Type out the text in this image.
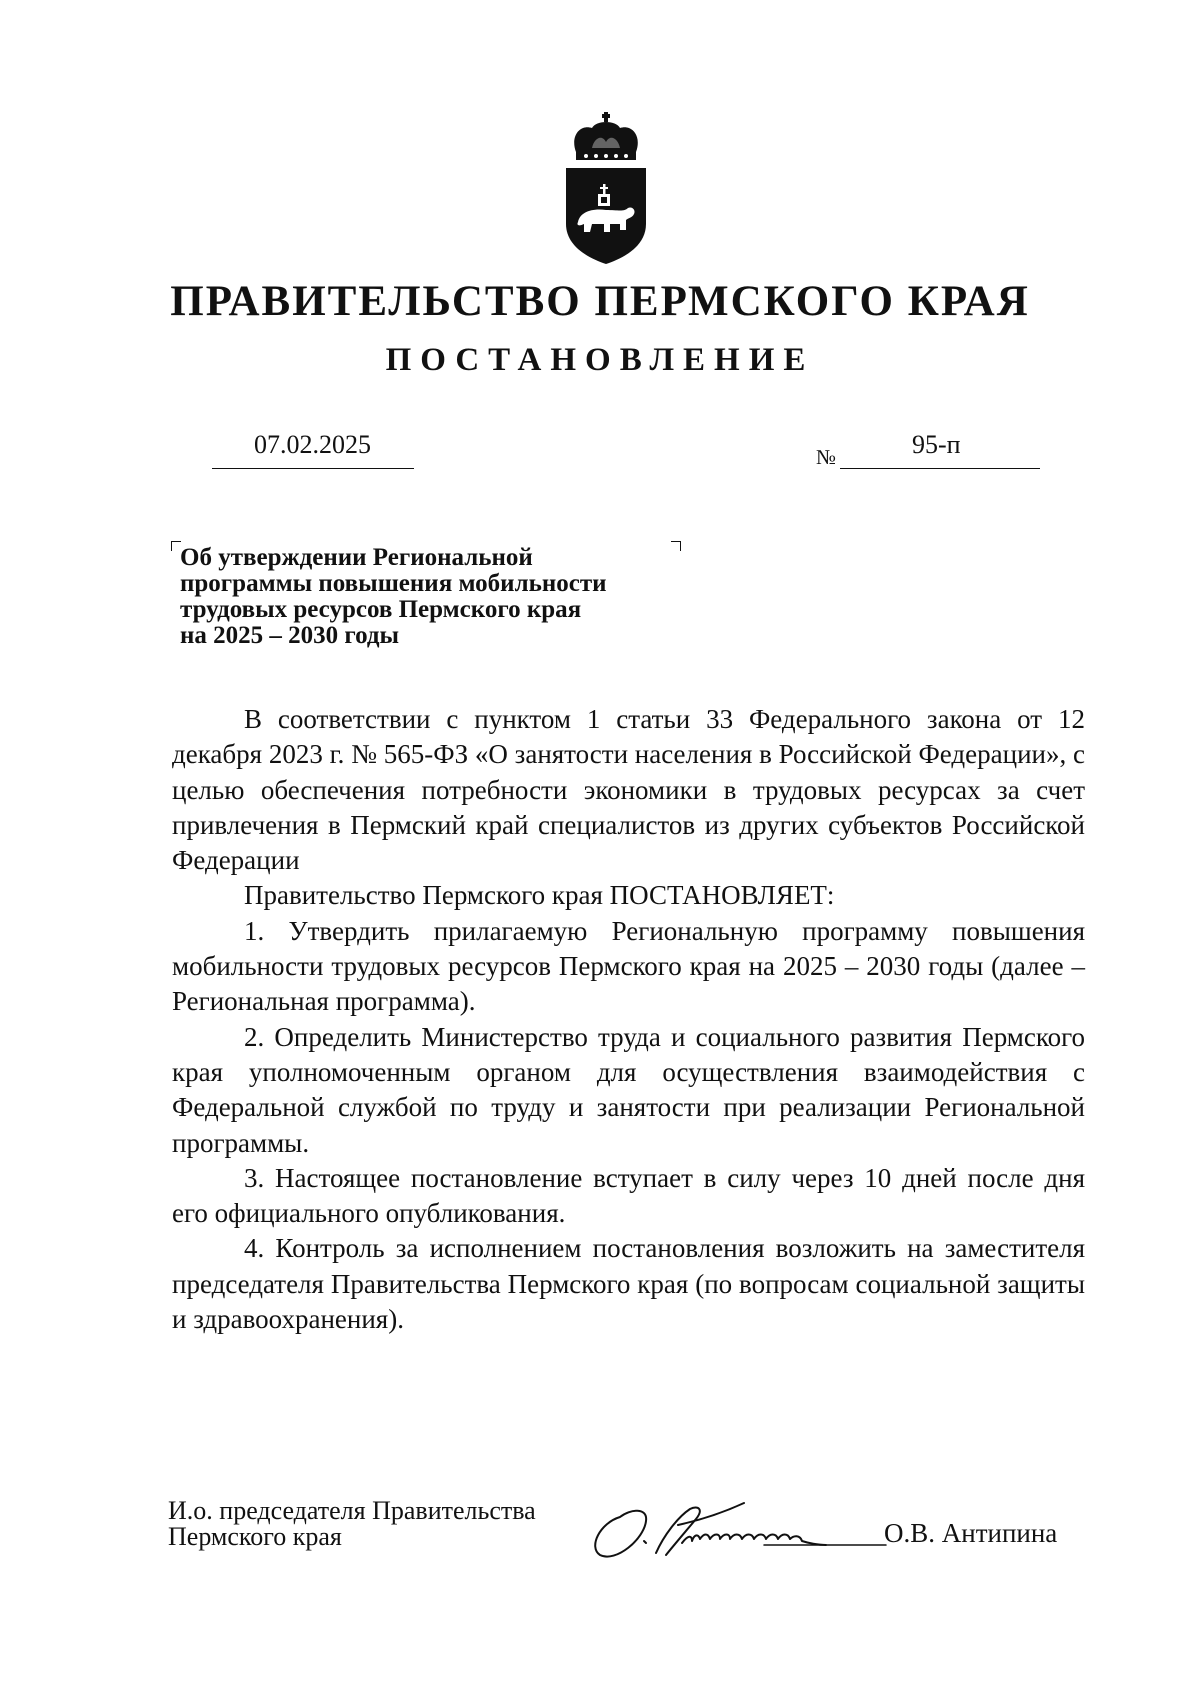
ПРАВИТЕЛЬСТВО ПЕРМСКОГО КРАЯ
ПОСТАНОВЛЕНИЕ
07.02.2025	№	95-п
Об утверждении Региональной
программы повышения мобильности
трудовых ресурсов Пермского края
на 2025 – 2030 годы

В соответствии с пунктом 1 статьи 33 Федерального закона от 12 декабря 2023 г. № 565-ФЗ «О занятости населения в Российской Федерации», с целью обеспечения потребности экономики в трудовых ресурсах за счет привлечения в Пермский край специалистов из других субъектов Российской Федерации

Правительство Пермского края ПОСТАНОВЛЯЕТ:

1. Утвердить прилагаемую Региональную программу повышения мобильности трудовых ресурсов Пермского края на 2025 – 2030 годы (далее – Региональная программа).

2. Определить Министерство труда и социального развития Пермского края уполномоченным органом для осуществления взаимодействия с Федеральной службой по труду и занятости при реализации Региональной программы.

3. Настоящее постановление вступает в силу через 10 дней после дня его официального опубликования.

4. Контроль за исполнением постановления возложить на заместителя председателя Правительства Пермского края (по вопросам социальной защиты и здравоохранения).

И.о. председателя Правительства
Пермского края	О.В. Антипина
